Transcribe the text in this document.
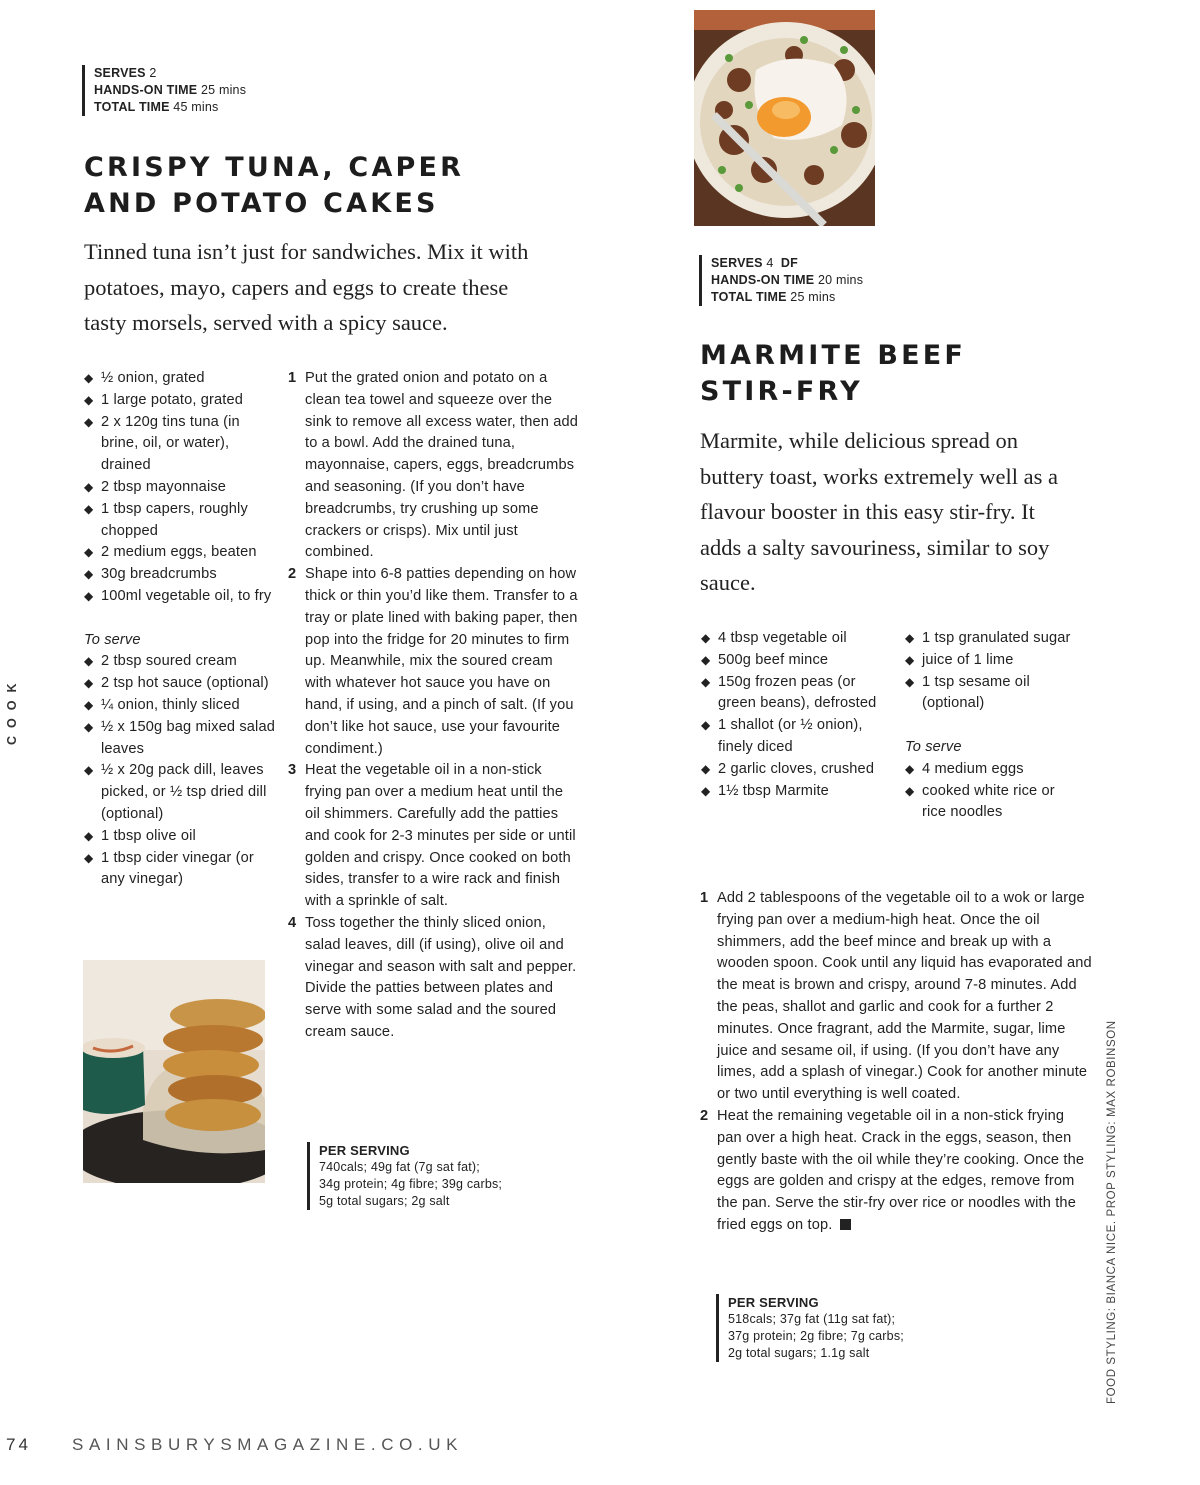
COOK
SERVES 2
HANDS-ON TIME 25 mins
TOTAL TIME 45 mins
CRISPY TUNA, CAPER
AND POTATO CAKES
Tinned tuna isn’t just for sandwiches. Mix it with potatoes, mayo, capers and eggs to create these tasty morsels, served with a spicy sauce.
◆ ½ onion, grated
◆ 1 large potato, grated
◆ 2 x 120g tins tuna (in brine, oil, or water), drained
◆ 2 tbsp mayonnaise
◆ 1 tbsp capers, roughly chopped
◆ 2 medium eggs, beaten
◆ 30g breadcrumbs
◆ 100ml vegetable oil, to fry
To serve
◆ 2 tbsp soured cream
◆ 2 tsp hot sauce (optional)
◆ ¼ onion, thinly sliced
◆ ½ x 150g bag mixed salad leaves
◆ ½ x 20g pack dill, leaves picked, or ½ tsp dried dill (optional)
◆ 1 tbsp olive oil
◆ 1 tbsp cider vinegar (or any vinegar)
1 Put the grated onion and potato on a clean tea towel and squeeze over the sink to remove all excess water, then add to a bowl. Add the drained tuna, mayonnaise, capers, eggs, breadcrumbs and seasoning. (If you don’t have breadcrumbs, try crushing up some crackers or crisps). Mix until just combined.
2 Shape into 6-8 patties depending on how thick or thin you’d like them. Transfer to a tray or plate lined with baking paper, then pop into the fridge for 20 minutes to firm up. Meanwhile, mix the soured cream with whatever hot sauce you have on hand, if using, and a pinch of salt. (If you don’t like hot sauce, use your favourite condiment.)
3 Heat the vegetable oil in a non-stick frying pan over a medium heat until the oil shimmers. Carefully add the patties and cook for 2-3 minutes per side or until golden and crispy. Once cooked on both sides, transfer to a wire rack and finish with a sprinkle of salt.
4 Toss together the thinly sliced onion, salad leaves, dill (if using), olive oil and vinegar and season with salt and pepper. Divide the patties between plates and serve with some salad and the soured cream sauce.
PER SERVING
740cals; 49g fat (7g sat fat);
34g protein; 4g fibre; 39g carbs;
5g total sugars; 2g salt
SERVES 4 DF
HANDS-ON TIME 20 mins
TOTAL TIME 25 mins
MARMITE BEEF
STIR-FRY
Marmite, while delicious spread on buttery toast, works extremely well as a flavour booster in this easy stir-fry. It adds a salty savouriness, similar to soy sauce.
◆ 4 tbsp vegetable oil
◆ 500g beef mince
◆ 150g frozen peas (or green beans), defrosted
◆ 1 shallot (or ½ onion), finely diced
◆ 2 garlic cloves, crushed
◆ 1½ tbsp Marmite
◆ 1 tsp granulated sugar
◆ juice of 1 lime
◆ 1 tsp sesame oil (optional)
To serve
◆ 4 medium eggs
◆ cooked white rice or rice noodles
1 Add 2 tablespoons of the vegetable oil to a wok or large frying pan over a medium-high heat. Once the oil shimmers, add the beef mince and break up with a wooden spoon. Cook until any liquid has evaporated and the meat is brown and crispy, around 7-8 minutes. Add the peas, shallot and garlic and cook for a further 2 minutes. Once fragrant, add the Marmite, sugar, lime juice and sesame oil, if using. (If you don’t have any limes, add a splash of vinegar.) Cook for another minute or two until everything is well coated.
2 Heat the remaining vegetable oil in a non-stick frying pan over a high heat. Crack in the eggs, season, then gently baste with the oil while they’re cooking. Once the eggs are golden and crispy at the edges, remove from the pan. Serve the stir-fry over rice or noodles with the fried eggs on top.
PER SERVING
518cals; 37g fat (11g sat fat);
37g protein; 2g fibre; 7g carbs;
2g total sugars; 1.1g salt	FOOD STYLING: BIANCA NICE. PROP STYLING: MAX ROBINSON
74 SAINSBURYSMAGAZINE.CO.UK
